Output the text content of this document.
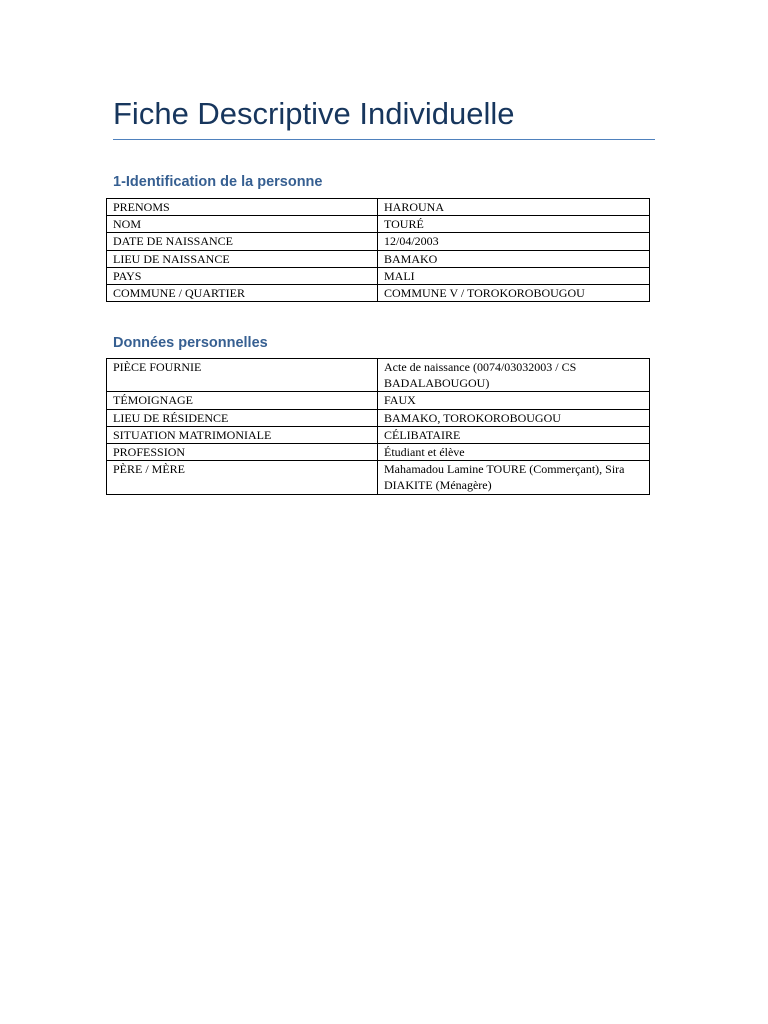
Fiche Descriptive Individuelle
1-Identification de la personne
PRENOMS	HAROUNA
NOM	TOURÉ
DATE DE NAISSANCE	12/04/2003
LIEU DE NAISSANCE	BAMAKO
PAYS	MALI
COMMUNE / QUARTIER	COMMUNE V / TOROKOROBOUGOU
Données personnelles
PIÈCE FOURNIE	Acte de naissance (0074/03032003 / CS BADALABOUGOU)
TÉMOIGNAGE	FAUX
LIEU DE RÉSIDENCE	BAMAKO, TOROKOROBOUGOU
SITUATION MATRIMONIALE	CÉLIBATAIRE
PROFESSION	Étudiant et élève
PÈRE / MÈRE	Mahamadou Lamine TOURE (Commerçant), Sira DIAKITE (Ménagère)
